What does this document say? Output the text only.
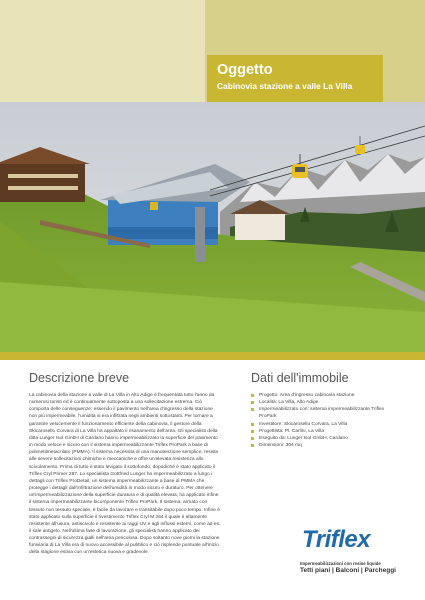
Oggetto
Cabinovia stazione a valle La Villa
Descrizione breve	Dati dell'immobile
La cabinovia della stazione a valle di La Villa in Alto Adige è frequentata tutto l'anno da numerosi turisti ed è continuamente sottoposta a una sollecitazione estrema. Ciò comporta delle conseguenze: essendo il pavimento nell'area d'ingresso della stazione non più impermeabile, l'umidità si era infiltrata negli ambienti sottostanti. Per tornare a garantire velocemente il funzionamento efficiente della cabinovia, il gestore della Skicarosello Corvara di La Villa ha appaltato il risanamento dell'area. Gli specialisti della ditta Lunger Isol GmbH di Cardano hanno impermeabilizzato la superficie del pavimento in modo veloce e sicuro con il sistema impermeabilizzante Triflex ProPark a base di polimetilmetacrilato (PMMA). Il sistema necessita di una manutenzione semplice, resiste alle severe sollecitazioni chimiche e meccaniche e offre un'elevata resistenza allo scivolamento. Prima di tutto è stato levigato il sottofondo, dopodiché è stato applicato il Triflex Cryl Primer 287. Lo specialista Gottfried Lunger ha impermeabilizzato a lungo i dettagli con Triflex ProDetail, un sistema impermeabilizzante a base di PMMA che protegge i dettagli dall'infiltrazione dell'umidità in modo sicuro e duraturo. Per ottenere un'impermeabilizzazione della superficie duratura e di qualità elevata, ha applicato infine il sistema impermeabilizzante bicomponente Triflex ProPark. Il sistema, armato con tessuto non tessuto speciale, è facile da lavorare e transitabile dopo poco tempo. Infine è stato applicato sulla superficie il rivestimento Triflex Cryl M 264 il quale è altamente resistente all'usura, antiscivolo e resistente ai raggi UV e agli influssi esterni, come ad es. il sale antigelo. Nell'ultima fase di lavorazione, gli specialisti hanno applicato dei contrassegni di sicurezza gialli nell'area pericolosa. Dopo soltanto nove giorni la stazione funiviaria di La Villa era di nuovo accessibile al pubblico e ciò risplende puntuale all'inizio della stagione estiva con un'estetica nuova e gradevole.
Progetto: Area d'ingresso cabinovia stazione
Località: La Villa, Alto Adige
Impermeabilizzato con: sistema impermeabilizzante Triflex ProPark
Investitore: Skicarosello Corvara, La Villa
Progettista: Pl. Carlini, La Villa
Eseguito da: Lunger Isol GmbH, Cardano
Dimensioni: 304 mq
Triflex
Impermeabilizzazioni con resine liquide
Tetti piani | Balconi | Parcheggi
